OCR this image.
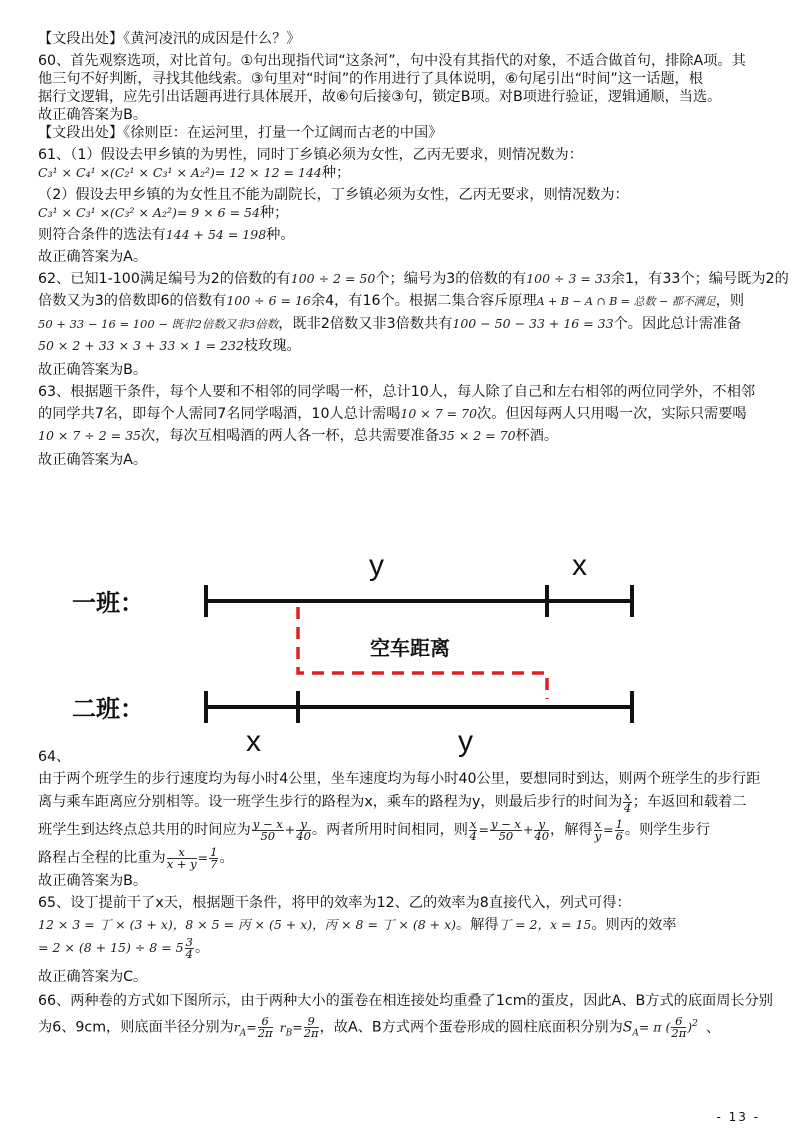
【文段出处】《黄河凌汛的成因是什么？》
60、首先观察选项，对比首句。①句出现指代词“这条河”，句中没有其指代的对象，不适合做首句，排除A项。其
他三句不好判断，寻找其他线索。③句里对“时间”的作用进行了具体说明，⑥句尾引出“时间”这一话题，根
据行文逻辑，应先引出话题再进行具体展开，故⑥句后接③句，锁定B项。对B项进行验证，逻辑通顺，当选。
故正确答案为B。
【文段出处】《徐则臣：在运河里，打量一个辽阔而古老的中国》
61、（1）假设去甲乡镇的为男性，同时丁乡镇必须为女性，乙丙无要求，则情况数为：
C₃¹ × C₄¹ ×(C₂¹ × C₃¹ × A₂²)= 12 × 12 = 144种；
（2）假设去甲乡镇的为女性且不能为副院长，丁乡镇必须为女性，乙丙无要求，则情况数为：
C₃¹ × C₃¹ ×(C₃² × A₂²)= 9 × 6 = 54种；
则符合条件的选法有144 + 54 = 198种。
故正确答案为A。
62、已知1-100满足编号为2的倍数的有100 ÷ 2 = 50个；编号为3的倍数的有100 ÷ 3 = 33余1，有33个；编号既为2的
倍数又为3的倍数即6的倍数有100 ÷ 6 = 16余4，有16个。根据二集合容斥原理A + B − A ∩ B = 总数 − 都不满足，则
50 + 33 − 16 = 100 − 既非2倍数又非3倍数，既非2倍数又非3倍数共有100 − 50 − 33 + 16 = 33个。因此总计需准备
50 × 2 + 33 × 3 + 33 × 1 = 232枝玫瑰。
故正确答案为B。
63、根据题干条件，每个人要和不相邻的同学喝一杯，总计10人，每人除了自己和左右相邻的两位同学外，不相邻
的同学共7名，即每个人需同7名同学喝酒，10人总计需喝10 × 7 = 70次。但因每两人只用喝一次，实际只需要喝
10 × 7 ÷ 2 = 35次，每次互相喝酒的两人各一杯，总共需要准备35 × 2 = 70杯酒。
故正确答案为A。
一班：
二班：
空车距离
y	x
x	y
64、
由于两个班学生的步行速度均为每小时4公里，坐车速度均为每小时40公里，要想同时到达，则两个班学生的步行距
离与乘车距离应分别相等。设一班学生步行的路程为x，乘车的路程为y，则最后步行的时间为 $\frac{x}{4}$ ；车返回和载着二
班学生到达终点总共用的时间应为 $\frac{y - x}{50} + \frac{y}{40}$ 。两者所用时间相同，则 $\frac{x}{4} = \frac{y - x}{50} + \frac{y}{40}$ ，解得 $\frac{x}{y} = \frac{1}{6}$ 。则学生步行
路程占全程的比重为 $\frac{x}{x + y} = \frac{1}{7}$ 。
故正确答案为B。
65、设丁提前干了x天，根据题干条件，将甲的效率为12、乙的效率为8直接代入，列式可得：
12 × 3 = 丁 × (3 + x)，8 × 5 = 丙 × (5 + x)，丙 × 8 = 丁 × (8 + x)。解得丁 = 2，x = 15。则丙的效率
= $2 \times (8 + 15) \div 8 = 5 \frac{3}{4}$ 。
故正确答案为C。
66、两种卷的方式如下图所示，由于两种大小的蛋卷在相连接处均重叠了1cm的蛋皮，因此A、B方式的底面周长分别
为6、9cm，则底面半径分别为$r_A= \frac{6}{2\pi} r_B= \frac{9}{2\pi}$ ，故A、B方式两个蛋卷形成的圆柱底面积分别为$S_A= \pi$ ( $\frac{6}{2\pi} )^2$ 、
- 13 -
